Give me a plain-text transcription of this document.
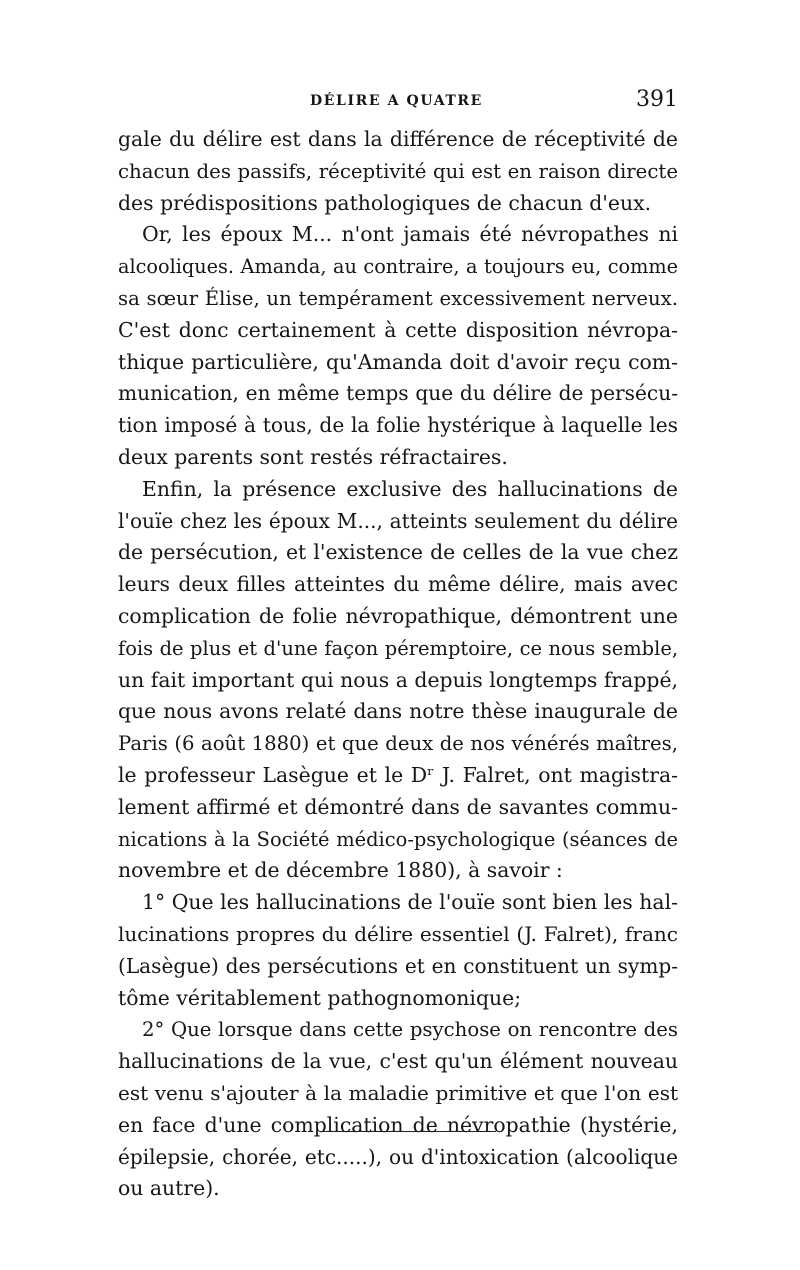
DÉLIRE A QUATRE	391
gale du délire est dans la différence de réceptivité de
chacun des passifs, réceptivité qui est en raison directe
des prédispositions pathologiques de chacun d'eux.
Or, les époux M... n'ont jamais été névropathes ni
alcooliques. Amanda, au contraire, a toujours eu, comme
sa sœur Élise, un tempérament excessivement nerveux.
C'est donc certainement à cette disposition névropa-
thique particulière, qu'Amanda doit d'avoir reçu com-
munication, en même temps que du délire de persécu-
tion imposé à tous, de la folie hystérique à laquelle les
deux parents sont restés réfractaires.
Enfin, la présence exclusive des hallucinations de
l'ouïe chez les époux M..., atteints seulement du délire
de persécution, et l'existence de celles de la vue chez
leurs deux filles atteintes du même délire, mais avec
complication de folie névropathique, démontrent une
fois de plus et d'une façon péremptoire, ce nous semble,
un fait important qui nous a depuis longtemps frappé,
que nous avons relaté dans notre thèse inaugurale de
Paris (6 août 1880) et que deux de nos vénérés maîtres,
le professeur Lasègue et le Dʳ J. Falret, ont magistra-
lement affirmé et démontré dans de savantes commu-
nications à la Société médico-psychologique (séances de
novembre et de décembre 1880), à savoir :
1° Que les hallucinations de l'ouïe sont bien les hal-
lucinations propres du délire essentiel (J. Falret), franc
(Lasègue) des persécutions et en constituent un symp-
tôme véritablement pathognomonique;
2° Que lorsque dans cette psychose on rencontre des
hallucinations de la vue, c'est qu'un élément nouveau
est venu s'ajouter à la maladie primitive et que l'on est
en face d'une complication de névropathie (hystérie,
épilepsie, chorée, etc.....), ou d'intoxication (alcoolique
ou autre).
